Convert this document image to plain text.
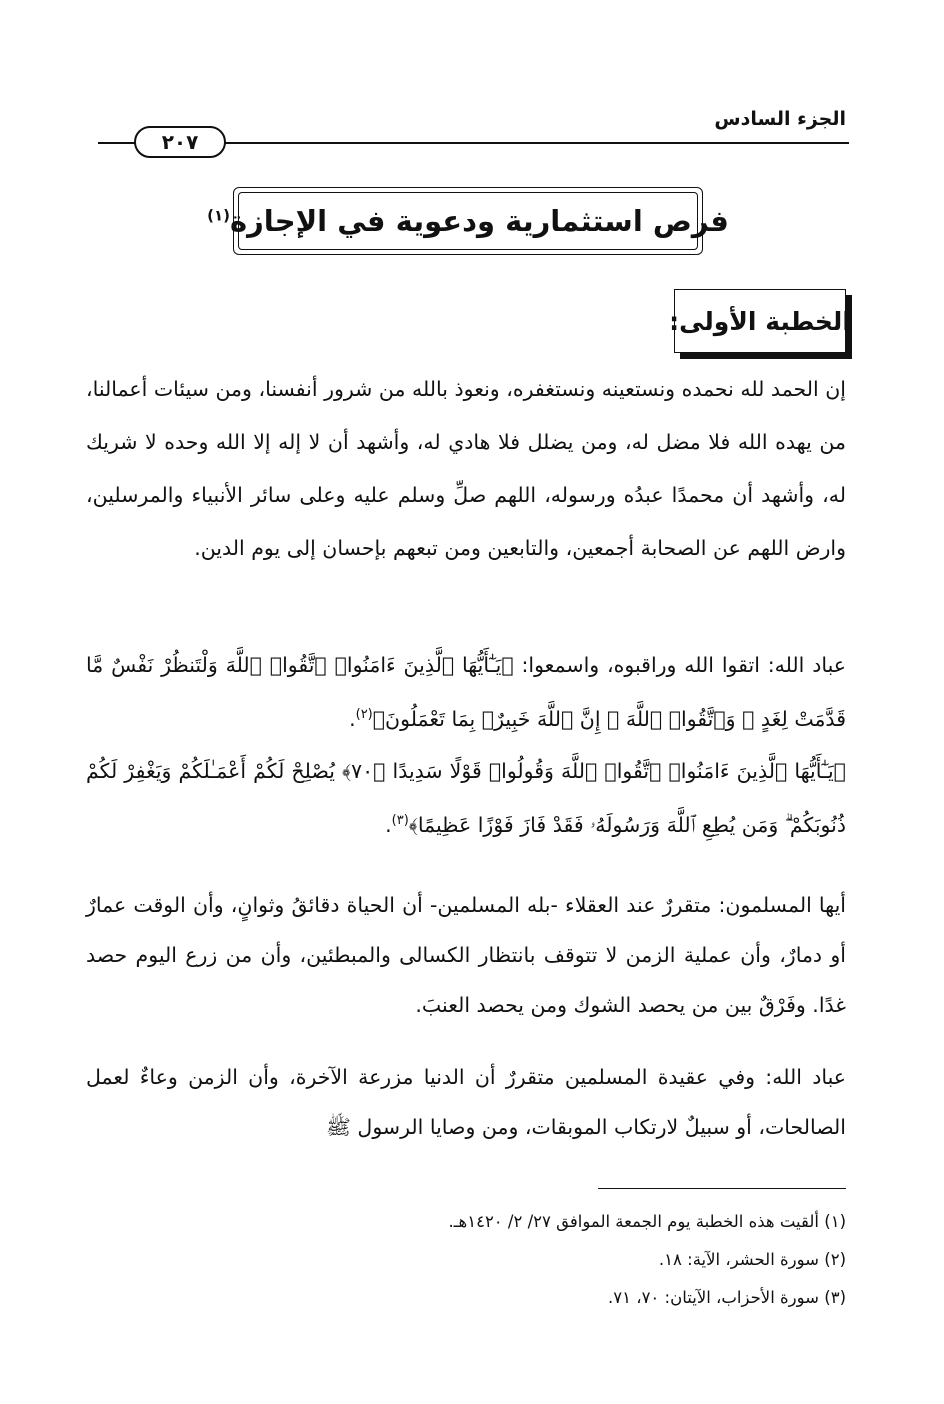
الجزء السادس
٢٠٧
فرص استثمارية ودعوية في الإجازة$^{(١)}$
الخطبة الأولى:
إن الحمد لله نحمده ونستعينه ونستغفره، ونعوذ بالله من شرور أنفسنا، ومن سيئات أعمالنا، من يهده الله فلا مضل له، ومن يضلل فلا هادي له، وأشهد أن لا إله إلا الله وحده لا شريك له، وأشهد أن محمدًا عبدُه ورسوله، اللهم صلِّ وسلم عليه وعلى سائر الأنبياء والمرسلين، وارض اللهم عن الصحابة أجمعين، والتابعين ومن تبعهم بإحسان إلى يوم الدين.
عباد الله: اتقوا الله وراقبوه، واسمعوا: ﴿يَـٰٓأَيُّهَا ٱلَّذِينَ ءَامَنُوا۟ ٱتَّقُوا۟ ٱللَّهَ وَلْتَنظُرْ نَفْسٌ مَّا قَدَّمَتْ لِغَدٍ ۖ وَٱتَّقُوا۟ ٱللَّهَ ۚ إِنَّ ٱللَّهَ خَبِيرٌۢ بِمَا تَعْمَلُونَ﴾$^{(٢)}$.
﴿يَـٰٓأَيُّهَا ٱلَّذِينَ ءَامَنُوا۟ ٱتَّقُوا۟ ٱللَّهَ وَقُولُوا۟ قَوْلًا سَدِيدًا ﴿٧٠﴾ يُصْلِحْ لَكُمْ أَعْمَـٰلَكُمْ وَيَغْفِرْ لَكُمْ ذُنُوبَكُمْ ۗ وَمَن يُطِعِ ٱللَّهَ وَرَسُولَهُۥ فَقَدْ فَازَ فَوْزًا عَظِيمًا﴾$^{(٣)}$.
أيها المسلمون: متقررٌ عند العقلاء -بله المسلمين- أن الحياة دقائقُ وثوانٍ، وأن الوقت عمارٌ أو دمارٌ، وأن عملية الزمن لا تتوقف بانتظار الكسالى والمبطئين، وأن من زرع اليوم حصد غدًا. وفَرْقٌ بين من يحصد الشوك ومن يحصد العنبَ.
عباد الله: وفي عقيدة المسلمين متقررٌ أن الدنيا مزرعة الآخرة، وأن الزمن وعاءٌ لعمل الصالحات، أو سبيلٌ لارتكاب الموبقات، ومن وصايا الرسول ﷺ
(١) ألقيت هذه الخطبة يوم الجمعة الموافق ٢٧/ ٢/ ١٤٢٠هـ.
(٢) سورة الحشر، الآية: ١٨.
(٣) سورة الأحزاب، الآيتان: ٧٠، ٧١.
